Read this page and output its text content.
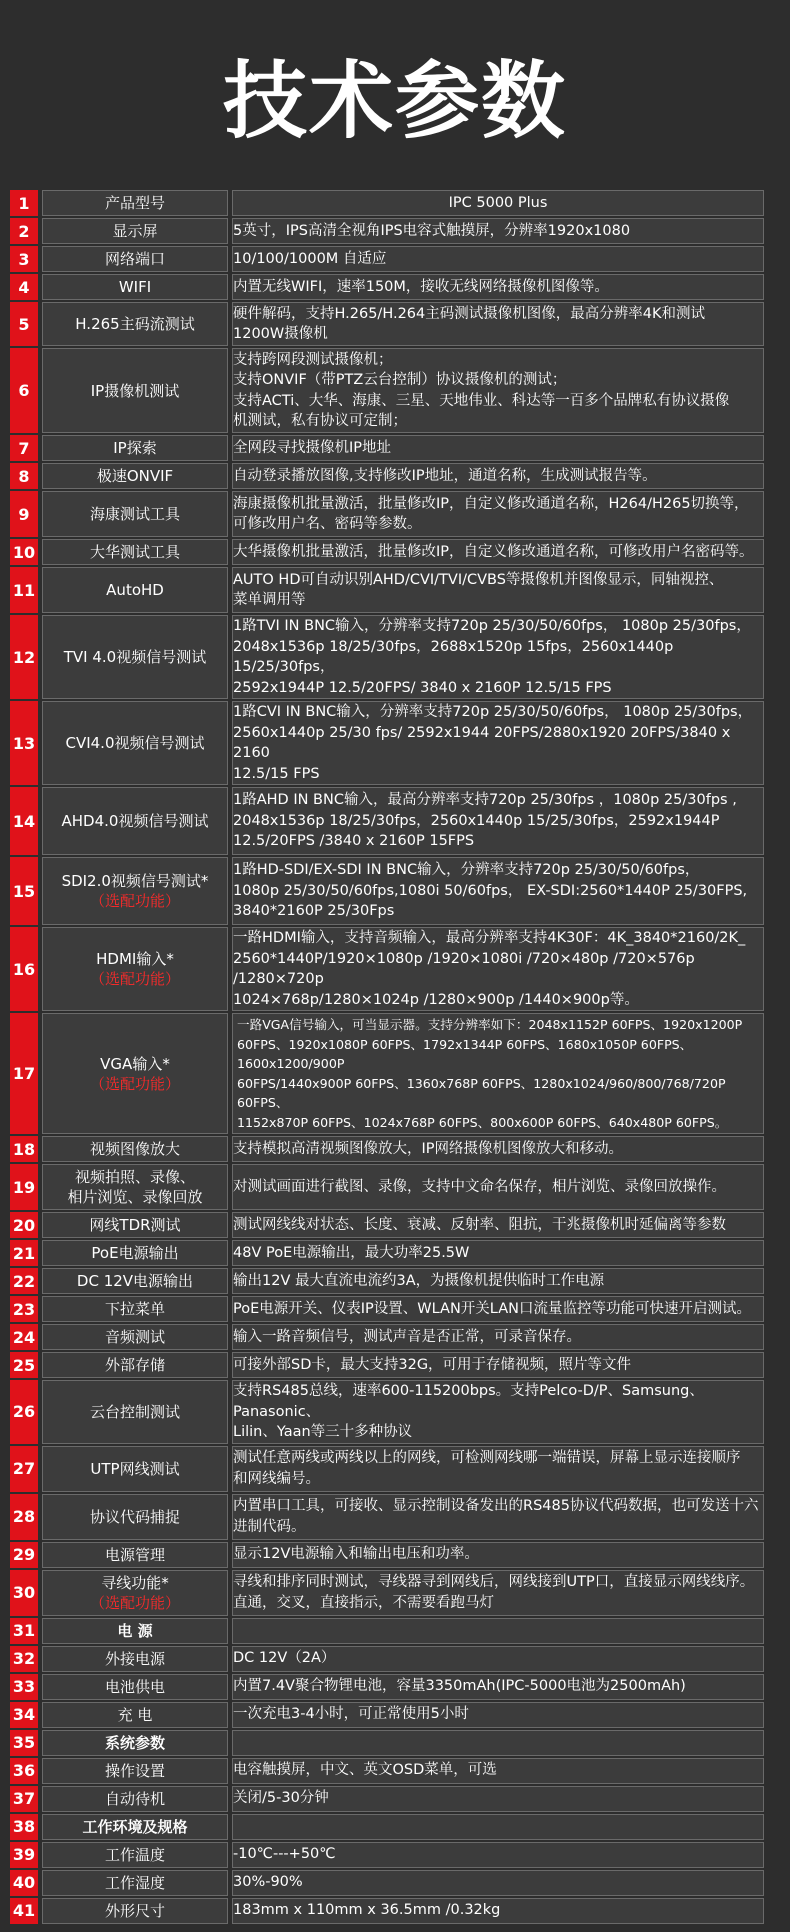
技术参数
1		产品型号		IPC 5000 Plus
2		显示屏		5英寸，IPS高清全视角IPS电容式触摸屏，分辨率1920x1080
3		网络端口		10/100/1000M 自适应
4		WIFI		内置无线WIFI，速率150M，接收无线网络摄像机图像等。
5		H.265主码流测试		硬件解码，支持H.265/H.264主码测试摄像机图像，最高分辨率4K和测试
1200W摄像机
6		IP摄像机测试		支持跨网段测试摄像机；
支持ONVIF（带PTZ云台控制）协议摄像机的测试；
支持ACTi、大华、海康、三星、天地伟业、科达等一百多个品牌私有协议摄像
机测试，私有协议可定制；
7		IP探索		全网段寻找摄像机IP地址
8		极速ONVIF		自动登录播放图像,支持修改IP地址，通道名称，生成测试报告等。
9		海康测试工具		海康摄像机批量激活，批量修改IP，自定义修改通道名称，H264/H265切换等，
可修改用户名、密码等参数。
10		大华测试工具		大华摄像机批量激活，批量修改IP，自定义修改通道名称，可修改用户名密码等。
11		AutoHD		AUTO HD可自动识别AHD/CVI/TVI/CVBS等摄像机并图像显示，同轴视控、
菜单调用等
12		TVI 4.0视频信号测试		1路TVI IN BNC输入，分辨率支持720p 25/30/50/60fps， 1080p 25/30fps，
2048x1536p 18/25/30fps，2688x1520p 15fps，2560x1440p 15/25/30fps，
2592x1944P 12.5/20FPS/ 3840 x 2160P 12.5/15 FPS
13		CVI4.0视频信号测试		1路CVI IN BNC输入，分辨率支持720p 25/30/50/60fps， 1080p 25/30fps，
2560x1440p 25/30 fps/ 2592x1944 20FPS/2880x1920 20FPS/3840 x 2160
12.5/15 FPS
14		AHD4.0视频信号测试		1路AHD IN BNC输入，最高分辨率支持720p 25/30fps ，1080p 25/30fps ,
2048x1536p 18/25/30fps，2560x1440p 15/25/30fps，2592x1944P
12.5/20FPS /3840 x 2160P 15FPS
15		SDI2.0视频信号测试*
（选配功能）		1路HD-SDI/EX-SDI IN BNC输入，分辨率支持720p 25/30/50/60fps，
1080p 25/30/50/60fps,1080i 50/60fps， EX-SDI:2560*1440P 25/30FPS,
3840*2160P 25/30Fps
16		HDMI输入*
（选配功能）		一路HDMI输入，支持音频输入，最高分辨率支持4K30F：4K_3840*2160/2K_
2560*1440P/1920×1080p /1920×1080i /720×480p /720×576p /1280×720p
1024×768p/1280×1024p /1280×900p /1440×900p等。
17		VGA输入*
（选配功能）		一路VGA信号输入，可当显示器。支持分辨率如下：2048x1152P 60FPS、1920x1200P
60FPS、1920x1080P 60FPS、1792x1344P 60FPS、1680x1050P 60FPS、1600x1200/900P
60FPS/1440x900P 60FPS、1360x768P 60FPS、1280x1024/960/800/768/720P 60FPS、
1152x870P 60FPS、1024x768P 60FPS、800x600P 60FPS、640x480P 60FPS。
18		视频图像放大		支持模拟高清视频图像放大，IP网络摄像机图像放大和移动。
19		视频拍照、录像、
相片浏览、录像回放		对测试画面进行截图、录像，支持中文命名保存，相片浏览、录像回放操作。
20		网线TDR测试		测试网线线对状态、长度、衰减、反射率、阻抗，干兆摄像机时延偏离等参数
21		PoE电源输出		48V PoE电源输出，最大功率25.5W
22		DC 12V电源输出		输出12V 最大直流电流约3A，为摄像机提供临时工作电源
23		下拉菜单		PoE电源开关、仪表IP设置、WLAN开关LAN口流量监控等功能可快速开启测试。
24		音频测试		输入一路音频信号，测试声音是否正常，可录音保存。
25		外部存储		可接外部SD卡，最大支持32G，可用于存储视频，照片等文件
26		云台控制测试		支持RS485总线，速率600-115200bps。支持Pelco-D/P、Samsung、Panasonic、
Lilin、Yaan等三十多种协议
27		UTP网线测试		测试任意两线或两线以上的网线，可检测网线哪一端错误，屏幕上显示连接顺序
和网线编号。
28		协议代码捕捉		内置串口工具，可接收、显示控制设备发出的RS485协议代码数据，也可发送十六
进制代码。
29		电源管理		显示12V电源输入和输出电压和功率。
30		寻线功能*
（选配功能）		寻线和排序同时测试，寻线器寻到网线后，网线接到UTP口，直接显示网线线序。
直通，交叉，直接指示，不需要看跑马灯
31		电 源		
32		外接电源		DC 12V（2A）
33		电池供电		内置7.4V聚合物锂电池，容量3350mAh(IPC-5000电池为2500mAh)
34		充 电		一次充电3-4小时，可正常使用5小时
35		系统参数		
36		操作设置		电容触摸屏，中文、英文OSD菜单，可选
37		自动待机		关闭/5-30分钟
38		工作环境及规格		
39		工作温度		-10℃---+50℃
40		工作湿度		30%-90%
41		外形尺寸		183mm x 110mm x 36.5mm /0.32kg
